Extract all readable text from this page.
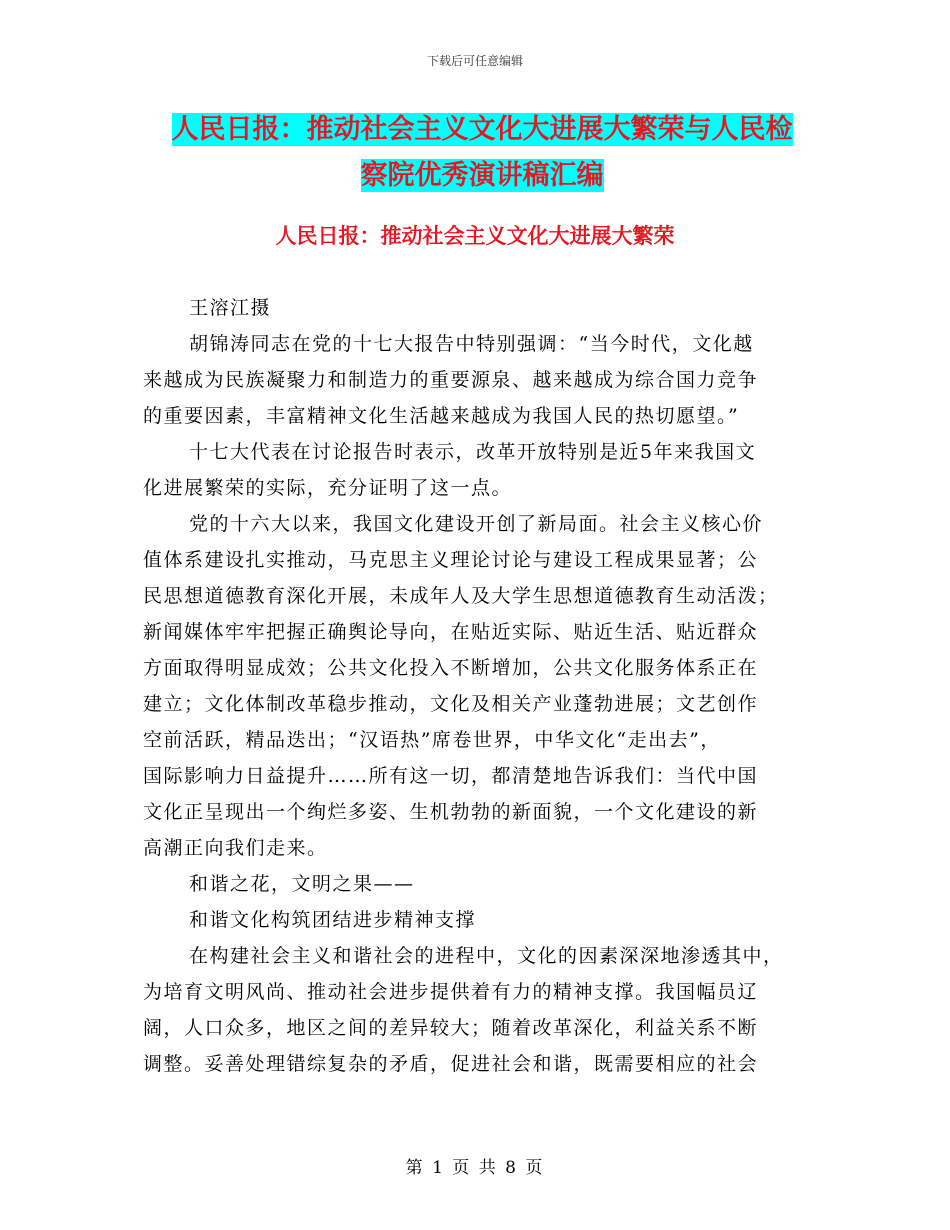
下载后可任意编辑
人民日报：推动社会主义文化大进展大繁荣与人民检
察院优秀演讲稿汇编
人民日报：推动社会主义文化大进展大繁荣
王溶江摄
胡锦涛同志在党的十七大报告中特别强调：“当今时代，文化越
来越成为民族凝聚力和制造力的重要源泉、越来越成为综合国力竞争
的重要因素，丰富精神文化生活越来越成为我国人民的热切愿望。”
十七大代表在讨论报告时表示，改革开放特别是近5年来我国文
化进展繁荣的实际，充分证明了这一点。
党的十六大以来，我国文化建设开创了新局面。社会主义核心价
值体系建设扎实推动，马克思主义理论讨论与建设工程成果显著；公
民思想道德教育深化开展，未成年人及大学生思想道德教育生动活泼；
新闻媒体牢牢把握正确舆论导向，在贴近实际、贴近生活、贴近群众
方面取得明显成效；公共文化投入不断增加，公共文化服务体系正在
建立；文化体制改革稳步推动，文化及相关产业蓬勃进展；文艺创作
空前活跃，精品迭出；“汉语热”席卷世界，中华文化“走出去”，
国际影响力日益提升……所有这一切，都清楚地告诉我们：当代中国
文化正呈现出一个绚烂多姿、生机勃勃的新面貌，一个文化建设的新
高潮正向我们走来。
和谐之花，文明之果——
和谐文化构筑团结进步精神支撑
在构建社会主义和谐社会的进程中，文化的因素深深地渗透其中，
为培育文明风尚、推动社会进步提供着有力的精神支撑。我国幅员辽
阔，人口众多，地区之间的差异较大；随着改革深化，利益关系不断
调整。妥善处理错综复杂的矛盾，促进社会和谐，既需要相应的社会
第 1 页 共 8 页
